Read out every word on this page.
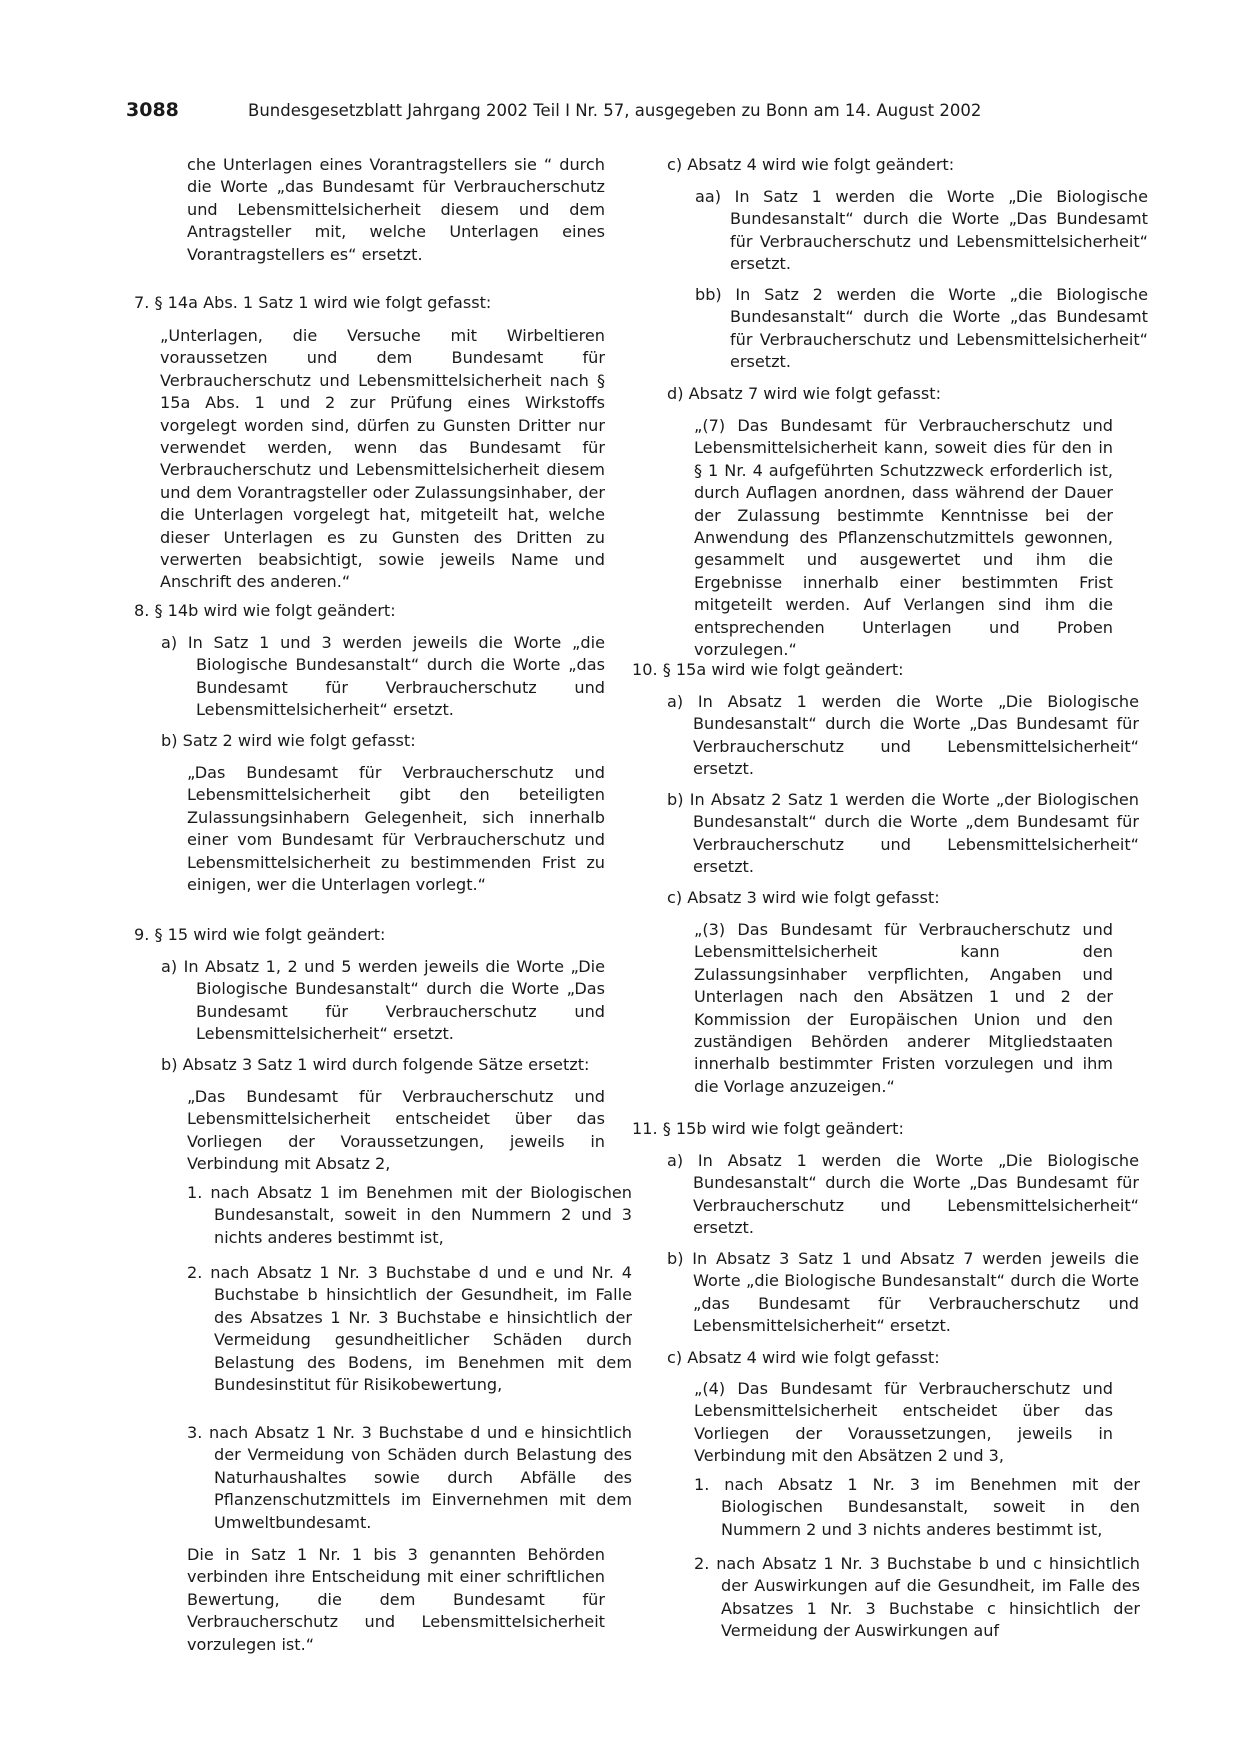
3088	Bundesgesetzblatt Jahrgang 2002 Teil I Nr. 57, ausgegeben zu Bonn am 14. August 2002

che Unterlagen eines Vorantragstellers sie “ durch die Worte „das Bundesamt für Verbraucherschutz und Lebensmittelsicherheit diesem und dem Antragsteller mit, welche Unterlagen eines Vorantragstellers es“ ersetzt.

7. § 14a Abs. 1 Satz 1 wird wie folgt gefasst:

„Unterlagen, die Versuche mit Wirbeltieren voraussetzen und dem Bundesamt für Verbraucherschutz und Lebensmittelsicherheit nach § 15a Abs. 1 und 2 zur Prüfung eines Wirkstoffs vorgelegt worden sind, dürfen zu Gunsten Dritter nur verwendet werden, wenn das Bundesamt für Verbraucherschutz und Lebensmittelsicherheit diesem und dem Vorantragsteller oder Zulassungsinhaber, der die Unterlagen vorgelegt hat, mitgeteilt hat, welche dieser Unterlagen es zu Gunsten des Dritten zu verwerten beabsichtigt, sowie jeweils Name und Anschrift des anderen.“

8. § 14b wird wie folgt geändert:

a) In Satz 1 und 3 werden jeweils die Worte „die Biologische Bundesanstalt“ durch die Worte „das Bundesamt für Verbraucherschutz und Lebensmittelsicherheit“ ersetzt.

b) Satz 2 wird wie folgt gefasst:

„Das Bundesamt für Verbraucherschutz und Lebensmittelsicherheit gibt den beteiligten Zulassungsinhabern Gelegenheit, sich innerhalb einer vom Bundesamt für Verbraucherschutz und Lebensmittelsicherheit zu bestimmenden Frist zu einigen, wer die Unterlagen vorlegt.“

9. § 15 wird wie folgt geändert:

a) In Absatz 1, 2 und 5 werden jeweils die Worte „Die Biologische Bundesanstalt“ durch die Worte „Das Bundesamt für Verbraucherschutz und Lebensmittelsicherheit“ ersetzt.

b) Absatz 3 Satz 1 wird durch folgende Sätze ersetzt:

„Das Bundesamt für Verbraucherschutz und Lebensmittelsicherheit entscheidet über das Vorliegen der Voraussetzungen, jeweils in Verbindung mit Absatz 2,

1. nach Absatz 1 im Benehmen mit der Biologischen Bundesanstalt, soweit in den Nummern 2 und 3 nichts anderes bestimmt ist,

2. nach Absatz 1 Nr. 3 Buchstabe d und e und Nr. 4 Buchstabe b hinsichtlich der Gesundheit, im Falle des Absatzes 1 Nr. 3 Buchstabe e hinsichtlich der Vermeidung gesundheitlicher Schäden durch Belastung des Bodens, im Benehmen mit dem Bundesinstitut für Risikobewertung,

3. nach Absatz 1 Nr. 3 Buchstabe d und e hinsichtlich der Vermeidung von Schäden durch Belastung des Naturhaushaltes sowie durch Abfälle des Pflanzenschutzmittels im Einvernehmen mit dem Umweltbundesamt.

Die in Satz 1 Nr. 1 bis 3 genannten Behörden verbinden ihre Entscheidung mit einer schriftlichen Bewertung, die dem Bundesamt für Verbraucherschutz und Lebensmittelsicherheit vorzulegen ist.“

c) Absatz 4 wird wie folgt geändert:

aa) In Satz 1 werden die Worte „Die Biologische Bundesanstalt“ durch die Worte „Das Bundesamt für Verbraucherschutz und Lebensmittelsicherheit“ ersetzt.

bb) In Satz 2 werden die Worte „die Biologische Bundesanstalt“ durch die Worte „das Bundesamt für Verbraucherschutz und Lebensmittelsicherheit“ ersetzt.

d) Absatz 7 wird wie folgt gefasst:

„(7) Das Bundesamt für Verbraucherschutz und Lebensmittelsicherheit kann, soweit dies für den in § 1 Nr. 4 aufgeführten Schutzzweck erforderlich ist, durch Auflagen anordnen, dass während der Dauer der Zulassung bestimmte Kenntnisse bei der Anwendung des Pflanzenschutzmittels gewonnen, gesammelt und ausgewertet und ihm die Ergebnisse innerhalb einer bestimmten Frist mitgeteilt werden. Auf Verlangen sind ihm die entsprechenden Unterlagen und Proben vorzulegen.“

10. § 15a wird wie folgt geändert:

a) In Absatz 1 werden die Worte „Die Biologische Bundesanstalt“ durch die Worte „Das Bundesamt für Verbraucherschutz und Lebensmittelsicherheit“ ersetzt.

b) In Absatz 2 Satz 1 werden die Worte „der Biologischen Bundesanstalt“ durch die Worte „dem Bundesamt für Verbraucherschutz und Lebensmittelsicherheit“ ersetzt.

c) Absatz 3 wird wie folgt gefasst:

„(3) Das Bundesamt für Verbraucherschutz und Lebensmittelsicherheit kann den Zulassungsinhaber verpflichten, Angaben und Unterlagen nach den Absätzen 1 und 2 der Kommission der Europäischen Union und den zuständigen Behörden anderer Mitgliedstaaten innerhalb bestimmter Fristen vorzulegen und ihm die Vorlage anzuzeigen.“

11. § 15b wird wie folgt geändert:

a) In Absatz 1 werden die Worte „Die Biologische Bundesanstalt“ durch die Worte „Das Bundesamt für Verbraucherschutz und Lebensmittelsicherheit“ ersetzt.

b) In Absatz 3 Satz 1 und Absatz 7 werden jeweils die Worte „die Biologische Bundesanstalt“ durch die Worte „das Bundesamt für Verbraucherschutz und Lebensmittelsicherheit“ ersetzt.

c) Absatz 4 wird wie folgt gefasst:

„(4) Das Bundesamt für Verbraucherschutz und Lebensmittelsicherheit entscheidet über das Vorliegen der Voraussetzungen, jeweils in Verbindung mit den Absätzen 2 und 3,

1. nach Absatz 1 Nr. 3 im Benehmen mit der Biologischen Bundesanstalt, soweit in den Nummern 2 und 3 nichts anderes bestimmt ist,

2. nach Absatz 1 Nr. 3 Buchstabe b und c hinsichtlich der Auswirkungen auf die Gesundheit, im Falle des Absatzes 1 Nr. 3 Buchstabe c hinsichtlich der Vermeidung der Auswirkungen auf
